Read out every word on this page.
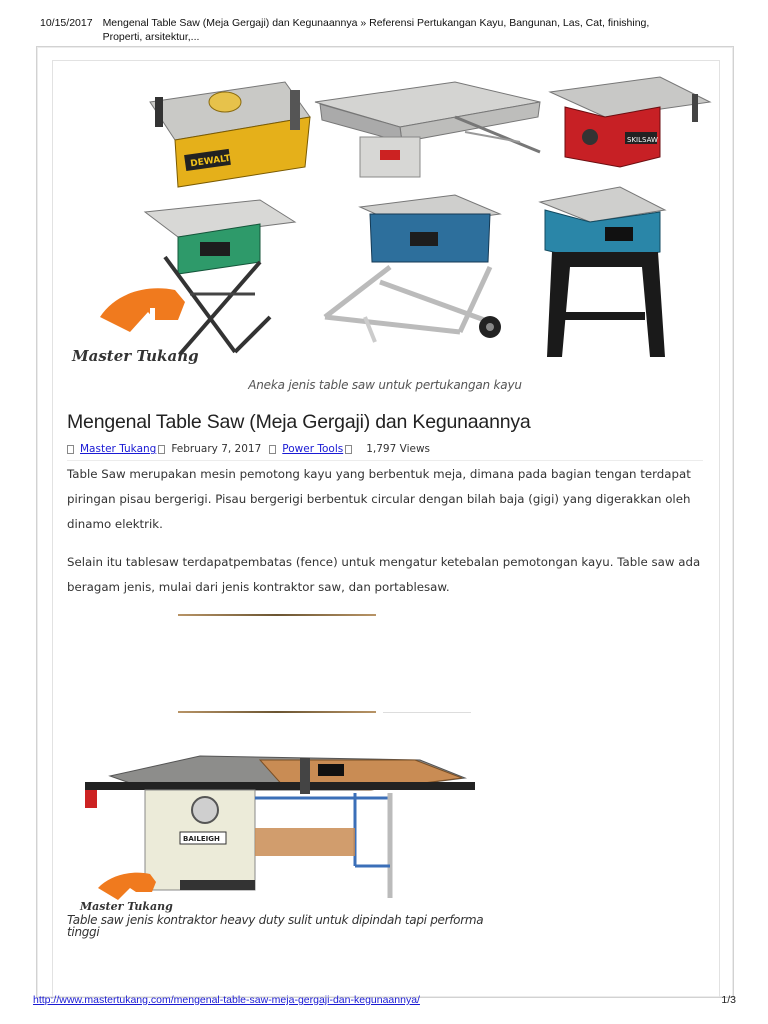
10/15/2017 Mengenal Table Saw (Meja Gergaji) dan Kegunaannya » Referensi Pertukangan Kayu, Bangunan, Las, Cat, finishing, Properti, arsitektur,...
DEWALT
SKILSAW
Master Tukang
Aneka jenis table saw untuk pertukangan kayu
Mengenal Table Saw (Meja Gergaji) dan Kegunaannya
Master Tukang February 7, 2017 Power Tools 1,797 Views

Table Saw merupakan mesin pemotong kayu yang berbentuk meja, dimana pada bagian tengan terdapat piringan pisau bergerigi. Pisau bergerigi berbentuk circular dengan bilah baja (gigi) yang digerakkan oleh dinamo elektrik.

Selain itu tablesaw terdapatpembatas (fence) untuk mengatur ketebalan pemotongan kayu. Table saw ada beragam jenis, mulai dari jenis kontraktor saw, dan portablesaw.

BAILEIGH
Master Tukang
Table saw jenis kontraktor heavy duty sulit untuk dipindah tapi performa tinggi
http://www.mastertukang.com/mengenal-table-saw-meja-gergaji-dan-kegunaannya/	1/3
